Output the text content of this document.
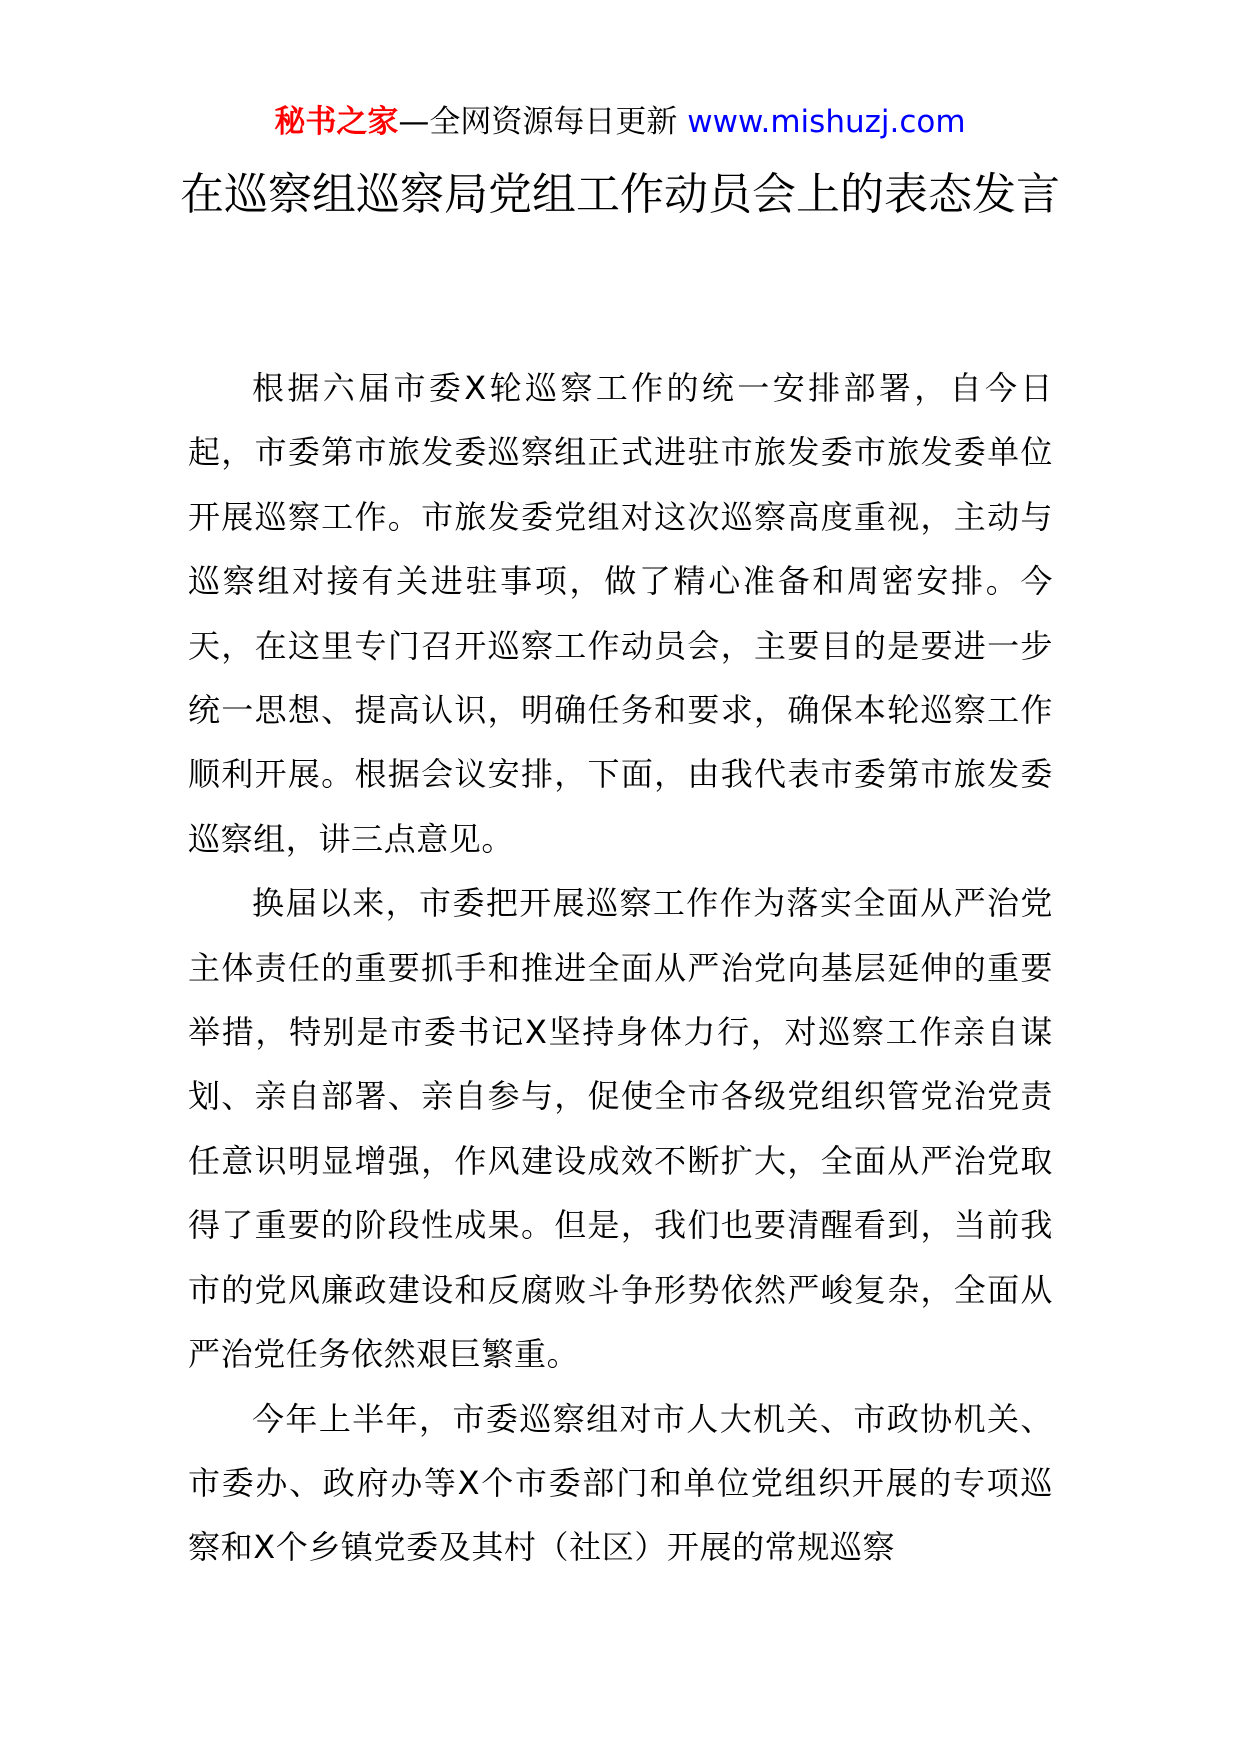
秘书之家—全网资源每日更新 www.mishuzj.com
在巡察组巡察局党组工作动员会上的表态发言

根据六届市委X轮巡察工作的统一安排部署，自今日起，市委第市旅发委巡察组正式进驻市旅发委市旅发委单位开展巡察工作。市旅发委党组对这次巡察高度重视，主动与巡察组对接有关进驻事项，做了精心准备和周密安排。今天，在这里专门召开巡察工作动员会，主要目的是要进一步统一思想、提高认识，明确任务和要求，确保本轮巡察工作顺利开展。根据会议安排，下面，由我代表市委第市旅发委巡察组，讲三点意见。

换届以来，市委把开展巡察工作作为落实全面从严治党主体责任的重要抓手和推进全面从严治党向基层延伸的重要举措，特别是市委书记X坚持身体力行，对巡察工作亲自谋划、亲自部署、亲自参与，促使全市各级党组织管党治党责任意识明显增强，作风建设成效不断扩大，全面从严治党取得了重要的阶段性成果。但是，我们也要清醒看到，当前我市的党风廉政建设和反腐败斗争形势依然严峻复杂，全面从严治党任务依然艰巨繁重。

今年上半年，市委巡察组对市人大机关、市政协机关、市委办、政府办等X个市委部门和单位党组织开展的专项巡察和X个乡镇党委及其村（社区）开展的常规巡察
